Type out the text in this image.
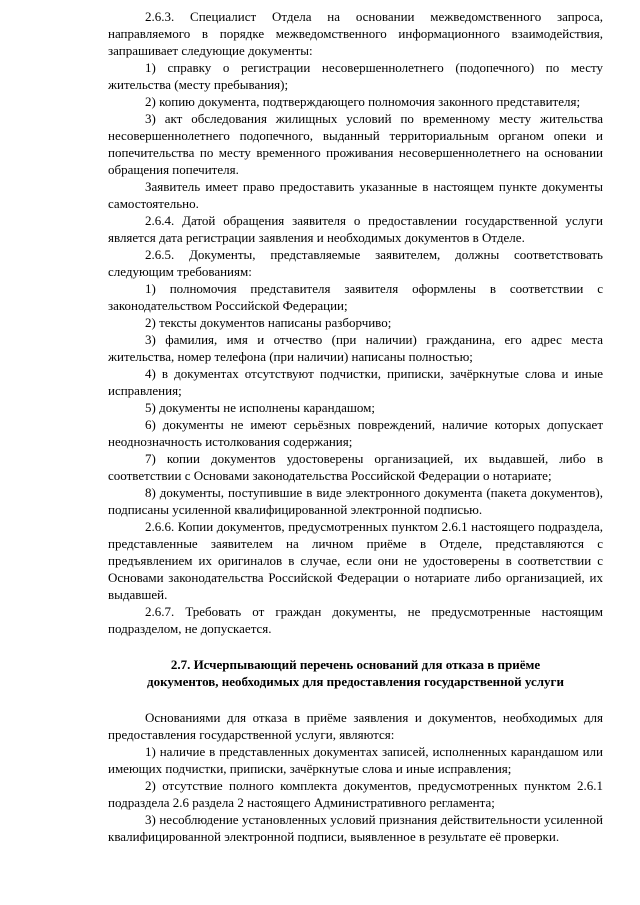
2.6.3. Специалист Отдела на основании межведомственного запроса, направляемого в порядке межведомственного информационного взаимодействия, запрашивает следующие документы:

1) справку о регистрации несовершеннолетнего (подопечного) по месту жительства (месту пребывания);

2) копию документа, подтверждающего полномочия законного представителя;

3) акт обследования жилищных условий по временному месту жительства несовершеннолетнего подопечного, выданный территориальным органом опеки и попечительства по месту временного проживания несовершеннолетнего на основании обращения попечителя.

Заявитель имеет право предоставить указанные в настоящем пункте документы самостоятельно.

2.6.4. Датой обращения заявителя о предоставлении государственной услуги является дата регистрации заявления и необходимых документов в Отделе.

2.6.5. Документы, представляемые заявителем, должны соответствовать следующим требованиям:

1) полномочия представителя заявителя оформлены в соответствии с законодательством Российской Федерации;

2) тексты документов написаны разборчиво;

3) фамилия, имя и отчество (при наличии) гражданина, его адрес места жительства, номер телефона (при наличии) написаны полностью;

4) в документах отсутствуют подчистки, приписки, зачёркнутые слова и иные исправления;

5) документы не исполнены карандашом;

6) документы не имеют серьёзных повреждений, наличие которых допускает неоднозначность истолкования содержания;

7) копии документов удостоверены организацией, их выдавшей, либо в соответствии с Основами законодательства Российской Федерации о нотариате;

8) документы, поступившие в виде электронного документа (пакета документов), подписаны усиленной квалифицированной электронной подписью.

2.6.6. Копии документов, предусмотренных пунктом 2.6.1 настоящего подраздела, представленные заявителем на личном приёме в Отделе, представляются с предъявлением их оригиналов в случае, если они не удостоверены в соответствии с Основами законодательства Российской Федерации о нотариате либо организацией, их выдавшей.

2.6.7. Требовать от граждан документы, не предусмотренные настоящим подразделом, не допускается.

2.7. Исчерпывающий перечень оснований для отказа в приёме
документов, необходимых для предоставления государственной услуги

Основаниями для отказа в приёме заявления и документов, необходимых для предоставления государственной услуги, являются:

1) наличие в представленных документах записей, исполненных карандашом или имеющих подчистки, приписки, зачёркнутые слова и иные исправления;

2) отсутствие полного комплекта документов, предусмотренных пунктом 2.6.1 подраздела 2.6 раздела 2 настоящего Административного регламента;

3) несоблюдение установленных условий признания действительности усиленной квалифицированной электронной подписи, выявленное в результате её проверки.
